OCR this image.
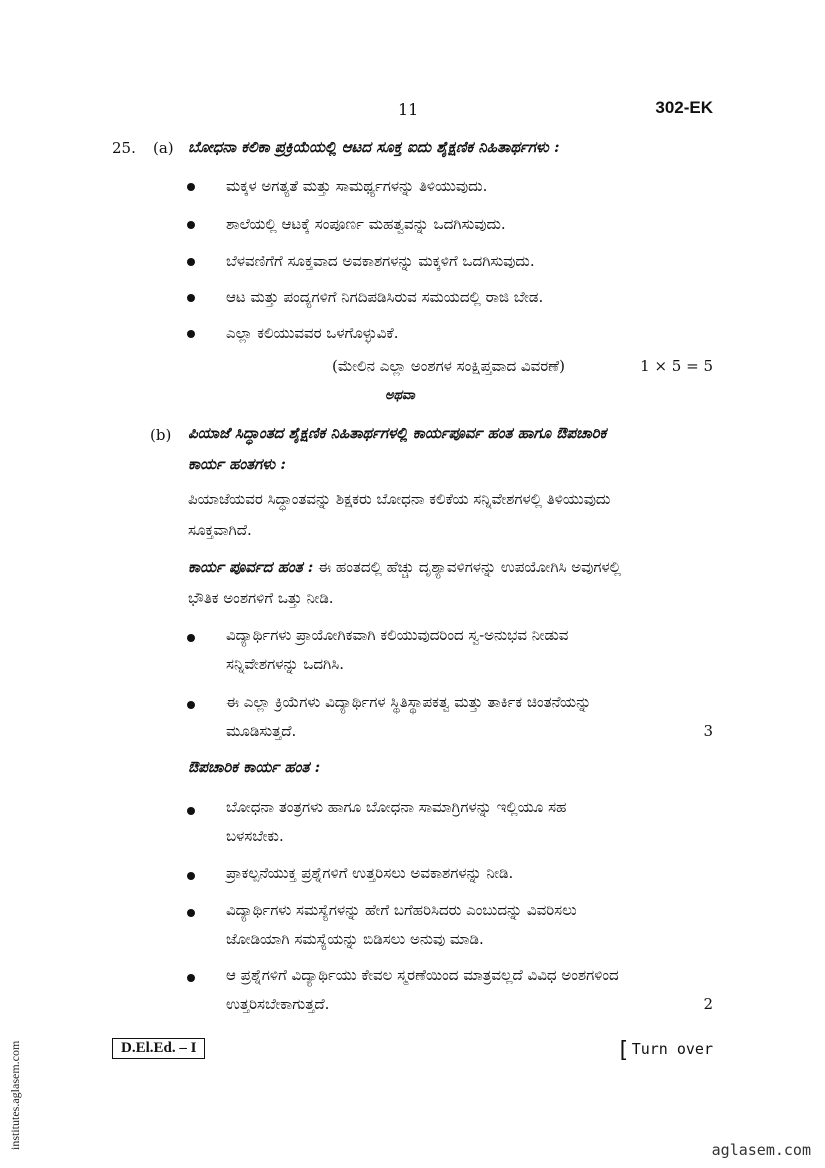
11	302-EK
25. (a) ಬೋಧನಾ ಕಲಿಕಾ ಪ್ರಕ್ರಿಯೆಯಲ್ಲಿ ಆಟದ ಸೂಕ್ತ ಐದು ಶೈಕ್ಷಣಿಕ ನಿಹಿತಾರ್ಥಗಳು :
ಮಕ್ಕಳ ಅಗತ್ಯತೆ ಮತ್ತು ಸಾಮರ್ಥ್ಯಗಳನ್ನು ತಿಳಿಯುವುದು.
ಶಾಲೆಯಲ್ಲಿ ಆಟಕ್ಕೆ ಸಂಪೂರ್ಣ ಮಹತ್ವವನ್ನು ಒದಗಿಸುವುದು.
ಬೆಳವಣಿಗೆಗೆ ಸೂಕ್ತವಾದ ಅವಕಾಶಗಳನ್ನು ಮಕ್ಕಳಿಗೆ ಒದಗಿಸುವುದು.
ಆಟ ಮತ್ತು ಪಂದ್ಯಗಳಿಗೆ ನಿಗದಿಪಡಿಸಿರುವ ಸಮಯದಲ್ಲಿ ರಾಜಿ ಬೇಡ.
ಎಲ್ಲಾ ಕಲಿಯುವವರ ಒಳಗೊಳ್ಳುವಿಕೆ.
(ಮೇಲಿನ ಎಲ್ಲಾ ಅಂಶಗಳ ಸಂಕ್ಷಿಪ್ತವಾದ ವಿವರಣೆ)	1 × 5 = 5
ಅಥವಾ
(b) ಪಿಯಾಜೆ ಸಿದ್ಧಾಂತದ ಶೈಕ್ಷಣಿಕ ನಿಹಿತಾರ್ಥಗಳಲ್ಲಿ ಕಾರ್ಯಪೂರ್ವ ಹಂತ ಹಾಗೂ ಔಪಚಾರಿಕ
ಕಾರ್ಯ ಹಂತಗಳು :
ಪಿಯಾಜೆಯವರ ಸಿದ್ಧಾಂತವನ್ನು ಶಿಕ್ಷಕರು ಬೋಧನಾ ಕಲಿಕೆಯ ಸನ್ನಿವೇಶಗಳಲ್ಲಿ ತಿಳಿಯುವುದು
ಸೂಕ್ತವಾಗಿದೆ.
ಕಾರ್ಯ ಪೂರ್ವದ ಹಂತ : ಈ ಹಂತದಲ್ಲಿ ಹೆಚ್ಚು ದೃಶ್ಯಾವಳಿಗಳನ್ನು ಉಪಯೋಗಿಸಿ ಅವುಗಳಲ್ಲಿ
ಭೌತಿಕ ಅಂಶಗಳಿಗೆ ಒತ್ತು ನೀಡಿ.
ವಿದ್ಯಾರ್ಥಿಗಳು ಪ್ರಾಯೋಗಿಕವಾಗಿ ಕಲಿಯುವುದರಿಂದ ಸ್ವ-ಅನುಭವ ನೀಡುವ
ಸನ್ನಿವೇಶಗಳನ್ನು ಒದಗಿಸಿ.
ಈ ಎಲ್ಲಾ ಕ್ರಿಯೆಗಳು ವಿದ್ಯಾರ್ಥಿಗಳ ಸ್ಥಿತಿಸ್ಥಾಪಕತ್ವ ಮತ್ತು ತಾರ್ಕಿಕ ಚಿಂತನೆಯನ್ನು
ಮೂಡಿಸುತ್ತದೆ.	3
ಔಪಚಾರಿಕ ಕಾರ್ಯ ಹಂತ :
ಬೋಧನಾ ತಂತ್ರಗಳು ಹಾಗೂ ಬೋಧನಾ ಸಾಮಾಗ್ರಿಗಳನ್ನು ಇಲ್ಲಿಯೂ ಸಹ
ಬಳಸಬೇಕು.
ಪ್ರಾಕಲ್ಪನೆಯುಕ್ತ ಪ್ರಶ್ನೆಗಳಿಗೆ ಉತ್ತರಿಸಲು ಅವಕಾಶಗಳನ್ನು ನೀಡಿ.
ವಿದ್ಯಾರ್ಥಿಗಳು ಸಮಸ್ಯೆಗಳನ್ನು ಹೇಗೆ ಬಗೆಹರಿಸಿದರು ಎಂಬುದನ್ನು ವಿವರಿಸಲು
ಜೋಡಿಯಾಗಿ ಸಮಸ್ಯೆಯನ್ನು ಬಿಡಿಸಲು ಅನುವು ಮಾಡಿ.
ಆ ಪ್ರಶ್ನೆಗಳಿಗೆ ವಿದ್ಯಾರ್ಥಿಯು ಕೇವಲ ಸ್ಮರಣೆಯಿಂದ ಮಾತ್ರವಲ್ಲದೆ ವಿವಿಧ ಅಂಶಗಳಿಂದ
ಉತ್ತರಿಸಬೇಕಾಗುತ್ತದೆ.	2
D.El.Ed. – I	[ Turn over
institutes.aglasem.com	aglasem.com
